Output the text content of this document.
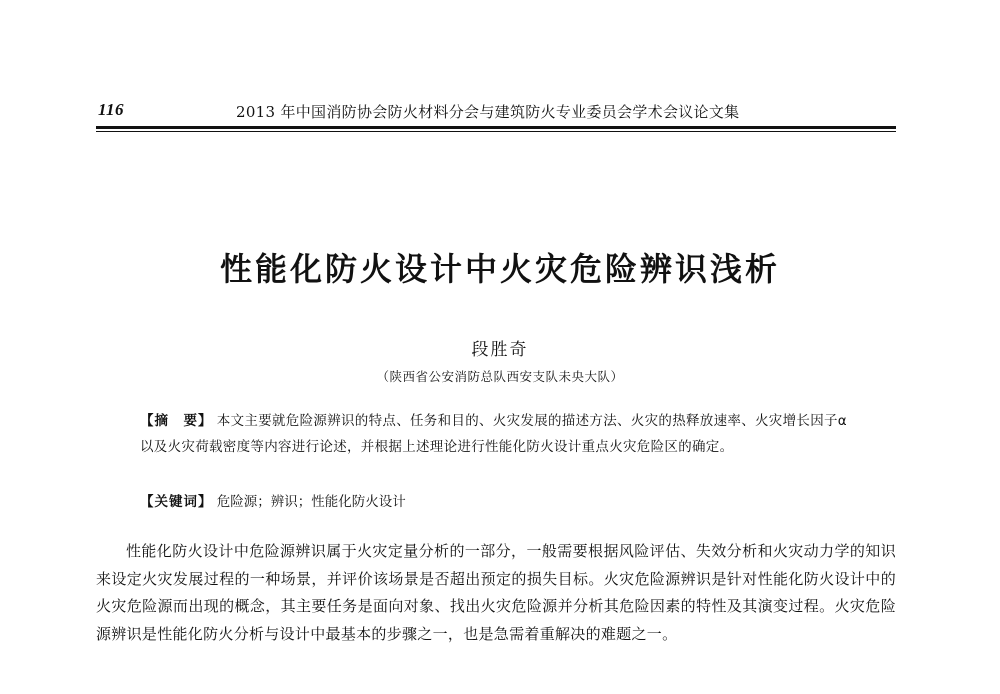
116	2013 年中国消防协会防火材料分会与建筑防火专业委员会学术会议论文集
性能化防火设计中火灾危险辨识浅析
段胜奇
（陕西省公安消防总队西安支队未央大队）
【摘　要】 本文主要就危险源辨识的特点、任务和目的、火灾发展的描述方法、火灾的热释放速率、火灾增长因子α以及火灾荷载密度等内容进行论述，并根据上述理论进行性能化防火设计重点火灾危险区的确定。
【关键词】 危险源；辨识；性能化防火设计
性能化防火设计中危险源辨识属于火灾定量分析的一部分，一般需要根据风险评估、失效分析和火灾动力学的知识来设定火灾发展过程的一种场景，并评价该场景是否超出预定的损失目标。火灾危险源辨识是针对性能化防火设计中的火灾危险源而出现的概念，其主要任务是面向对象、找出火灾危险源并分析其危险因素的特性及其演变过程。火灾危险源辨识是性能化防火分析与设计中最基本的步骤之一，也是急需着重解决的难题之一。
